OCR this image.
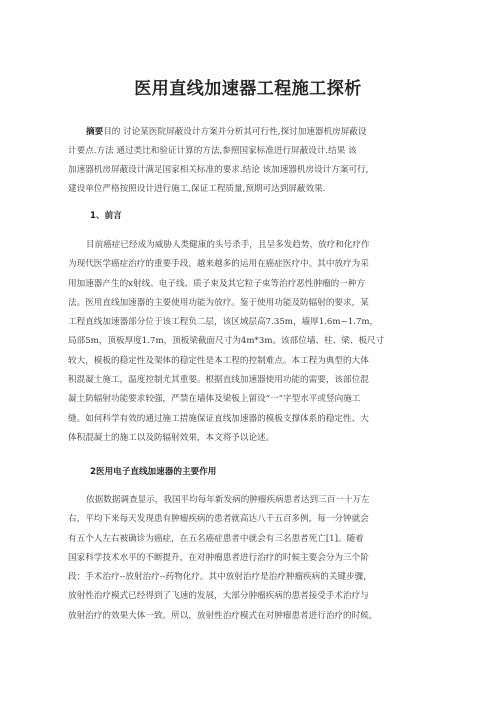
医用直线加速器工程施工探析
摘要目的 讨论某医院屏蔽设计方案并分析其可行性,探讨加速器机房屏蔽设
计要点.方法 通过类比和验证计算的方法,参照国家标准进行屏蔽设计.结果 该
加速器机房屏蔽设计满足国家相关标准的要求.结论 该加速器机房设计方案可行,
建设单位严格按照设计进行施工,保证工程质量,预期可达到屏蔽效果.
1、前言
目前癌症已经成为威胁人类健康的头号杀手，且呈多发趋势，放疗和化疗作
为现代医学癌症治疗的重要手段，越来越多的运用在癌症医疗中。其中放疗为采
用加速器产生的x射线、电子线、质子束及其它粒子束等治疗恶性肿瘤的一种方
法。医用直线加速器的主要使用功能为放疗。鉴于使用功能及防辐射的要求，某
工程直线加速器部分位于该工程负二层，该区域层高7.35m，墙厚1.6m~1.7m，
局部5m，顶板厚度1.7m，顶板梁截面尺寸为4m*3m。该部位墙、柱、梁、板尺寸
较大，模板的稳定性及架体的稳定性是本工程的控制难点。本工程为典型的大体
积混凝土施工，温度控制尤其重要。根据直线加速器使用功能的需要，该部位混
凝土防辐射功能要求较强，严禁在墙体及梁板上留设“一”字型水平或竖向施工
缝。如何科学有效的通过施工措施保证直线加速器的模板支撑体系的稳定性、大
体积混凝土的施工以及防辐射效果，本文将予以论述。
2医用电子直线加速器的主要作用
依据数据调查显示，我国平均每年新发病的肿瘤疾病患者达到三百一十万左
右，平均下来每天发现患有肿瘤疾病的患者就高达八千五百多例，每一分钟就会
有五个人左右被确诊为癌症，在五名癌症患者中就会有三名患者死亡[1]。随着
国家科学技术水平的不断提升，在对肿瘤患者进行治疗的时候主要会分为三个阶
段：手术治疗--放射治疗--药物化疗。其中放射治疗是治疗肿瘤疾病的关键步骤，
放射性治疗模式已经得到了飞速的发展，大部分肿瘤疾病的患者接受手术治疗与
放射治疗的效果大体一致。所以，放射性治疗模式在对肿瘤患者进行治疗的时候，
